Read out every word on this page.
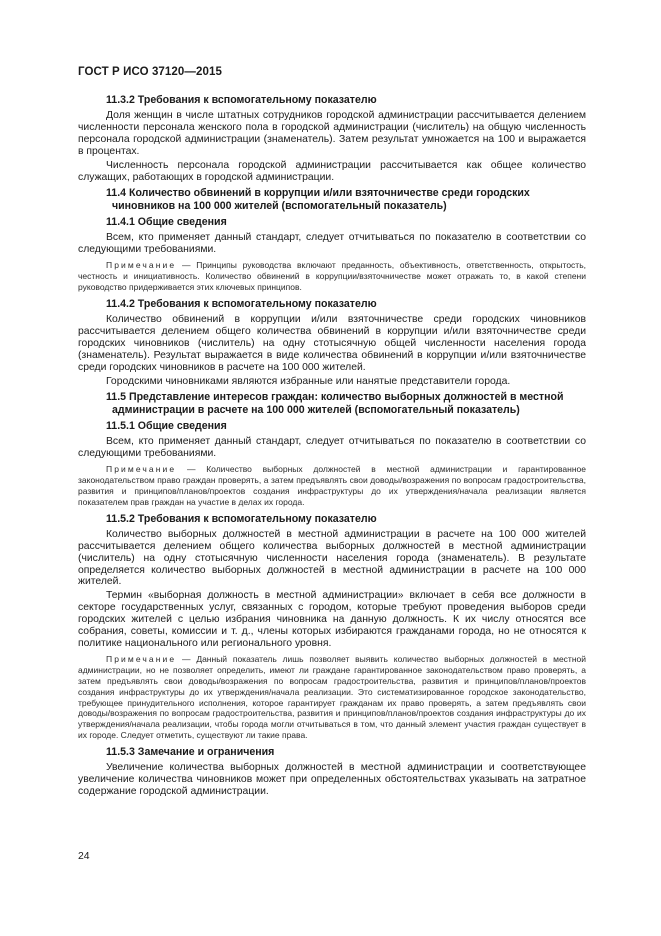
ГОСТ Р ИСО 37120—2015
11.3.2 Требования к вспомогательному показателю

Доля женщин в числе штатных сотрудников городской администрации рассчитывается делением численности персонала женского пола в городской администрации (числитель) на общую численность персонала городской администрации (знаменатель). Затем результат умножается на 100 и выражается в процентах.

Численность персонала городской администрации рассчитывается как общее количество служащих, работающих в городской администрации.

11.4 Количество обвинений в коррупции и/или взяточничестве среди городских
чиновников на 100 000 жителей (вспомогательный показатель)
11.4.1 Общие сведения

Всем, кто применяет данный стандарт, следует отчитываться по показателю в соответствии со следующими требованиями.

Примечание — Принципы руководства включают преданность, объективность, ответственность, открытость, честность и инициативность. Количество обвинений в коррупции/взяточничестве может отражать то, в какой степени руководство придерживается этих ключевых принципов.

11.4.2 Требования к вспомогательному показателю

Количество обвинений в коррупции и/или взяточничестве среди городских чиновников рассчитывается делением общего количества обвинений в коррупции и/или взяточничестве среди городских чиновников (числитель) на одну стотысячную общей численности населения города (знаменатель). Результат выражается в виде количества обвинений в коррупции и/или взяточничестве среди городских чиновников в расчете на 100 000 жителей.

Городскими чиновниками являются избранные или нанятые представители города.

11.5 Представление интересов граждан: количество выборных должностей в местной
администрации в расчете на 100 000 жителей (вспомогательный показатель)
11.5.1 Общие сведения

Всем, кто применяет данный стандарт, следует отчитываться по показателю в соответствии со следующими требованиями.

Примечание — Количество выборных должностей в местной администрации и гарантированное законодательством право граждан проверять, а затем предъявлять свои доводы/возражения по вопросам градостроительства, развития и принципов/планов/проектов создания инфраструктуры до их утверждения/начала реализации является показателем прав граждан на участие в делах их города.

11.5.2 Требования к вспомогательному показателю

Количество выборных должностей в местной администрации в расчете на 100 000 жителей рассчитывается делением общего количества выборных должностей в местной администрации (числитель) на одну стотысячную численности населения города (знаменатель). В результате определяется количество выборных должностей в местной администрации в расчете на 100 000 жителей.

Термин «выборная должность в местной администрации» включает в себя все должности в секторе государственных услуг, связанных с городом, которые требуют проведения выборов среди городских жителей с целью избрания чиновника на данную должность. К их числу относятся все собрания, советы, комиссии и т. д., члены которых избираются гражданами города, но не относятся к политике национального или регионального уровня.

Примечание — Данный показатель лишь позволяет выявить количество выборных должностей в местной администрации, но не позволяет определить, имеют ли граждане гарантированное законодательством право проверять, а затем предъявлять свои доводы/возражения по вопросам градостроительства, развития и принципов/планов/проектов создания инфраструктуры до их утверждения/начала реализации. Это систематизированное городское законодательство, требующее принудительного исполнения, которое гарантирует гражданам их право проверять, а затем предъявлять свои доводы/возражения по вопросам градостроительства, развития и принципов/планов/проектов создания инфраструктуры до их утверждения/начала реализации, чтобы города могли отчитываться в том, что данный элемент участия граждан существует в их городе. Следует отметить, существуют ли такие права.

11.5.3 Замечание и ограничения

Увеличение количества выборных должностей в местной администрации и соответствующее увеличение количества чиновников может при определенных обстоятельствах указывать на затратное содержание городской администрации.

24
